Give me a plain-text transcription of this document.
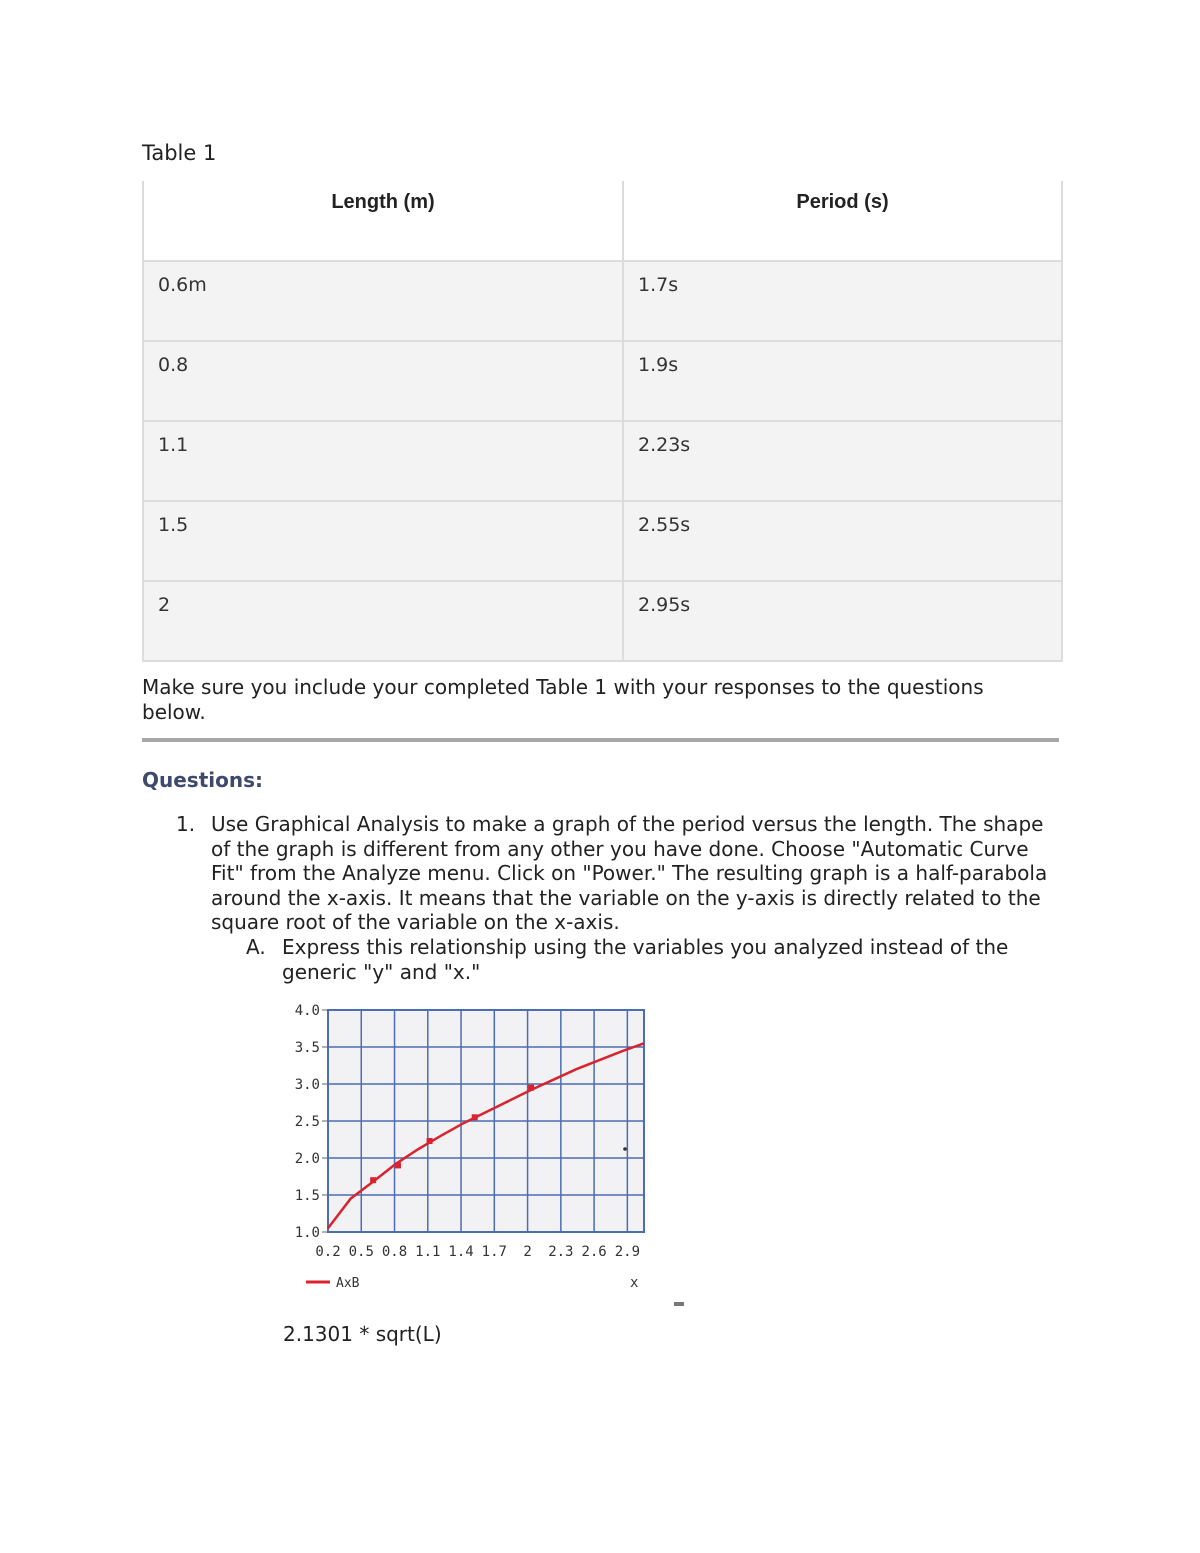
Table 1
Length (m)	Period (s)
0.6m	1.7s
0.8	1.9s
1.1	2.23s
1.5	2.55s
2	2.95s
Make sure you include your completed Table 1 with your responses to the questions below.
Questions:
1. Use Graphical Analysis to make a graph of the period versus the length. The shape of the graph is different from any other you have done. Choose "Automatic Curve Fit" from the Analyze menu. Click on "Power." The resulting graph is a half-parabola around the x-axis. It means that the variable on the y-axis is directly related to the square root of the variable on the x-axis.
A. Express this relationship using the variables you analyzed instead of the generic "y" and "x."
4.0
3.5
3.0
2.5
2.0
1.5
1.0
0.2 0.5 0.8 1.1 1.4 1.7 2 2.3 2.6 2.9
AxB	x
2.1301 * sqrt(L)
